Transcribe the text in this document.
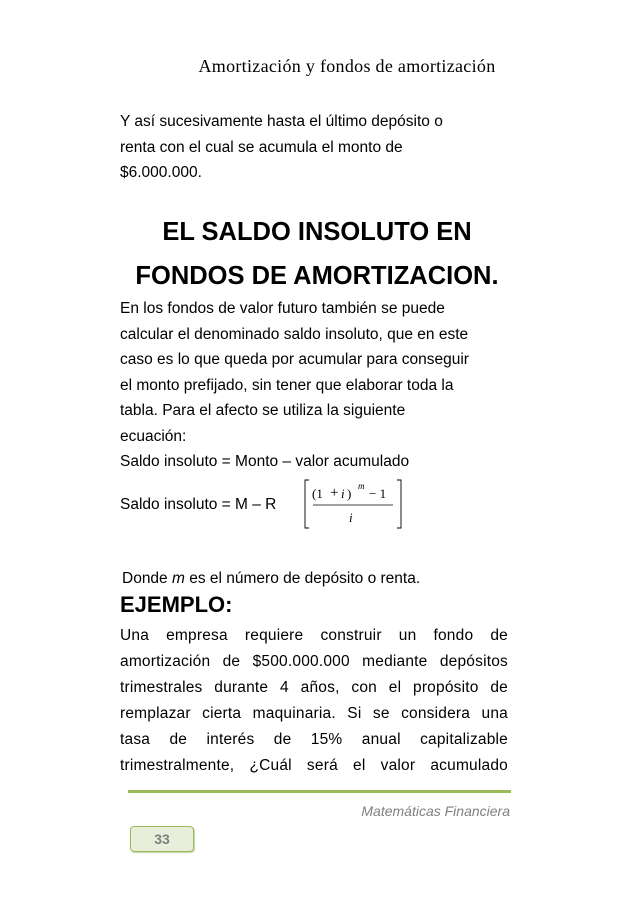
Amortización y fondos de amortización
Y así sucesivamente hasta el último depósito o
renta con el cual se acumula el monto de
$6.000.000.
EL SALDO INSOLUTO EN
FONDOS DE AMORTIZACION.
En los fondos de valor futuro también se puede
calcular el denominado saldo insoluto, que en este
caso es lo que queda por acumular para conseguir
el monto prefijado, sin tener que elaborar toda la
tabla. Para el afecto se utiliza la siguiente
ecuación:
Saldo insoluto = Monto – valor acumulado
Saldo insoluto = M – R
(1 + i ) m − 1
i
Donde m es el número de depósito o renta.
EJEMPLO:
Una empresa requiere construir un fondo de
amortización de $500.000.000 mediante depósitos
trimestrales durante 4 años, con el propósito de
remplazar cierta maquinaria. Si se considera una
tasa de interés de 15% anual capitalizable
trimestralmente, ¿Cuál será el valor acumulado
Matemáticas Financiera
33
